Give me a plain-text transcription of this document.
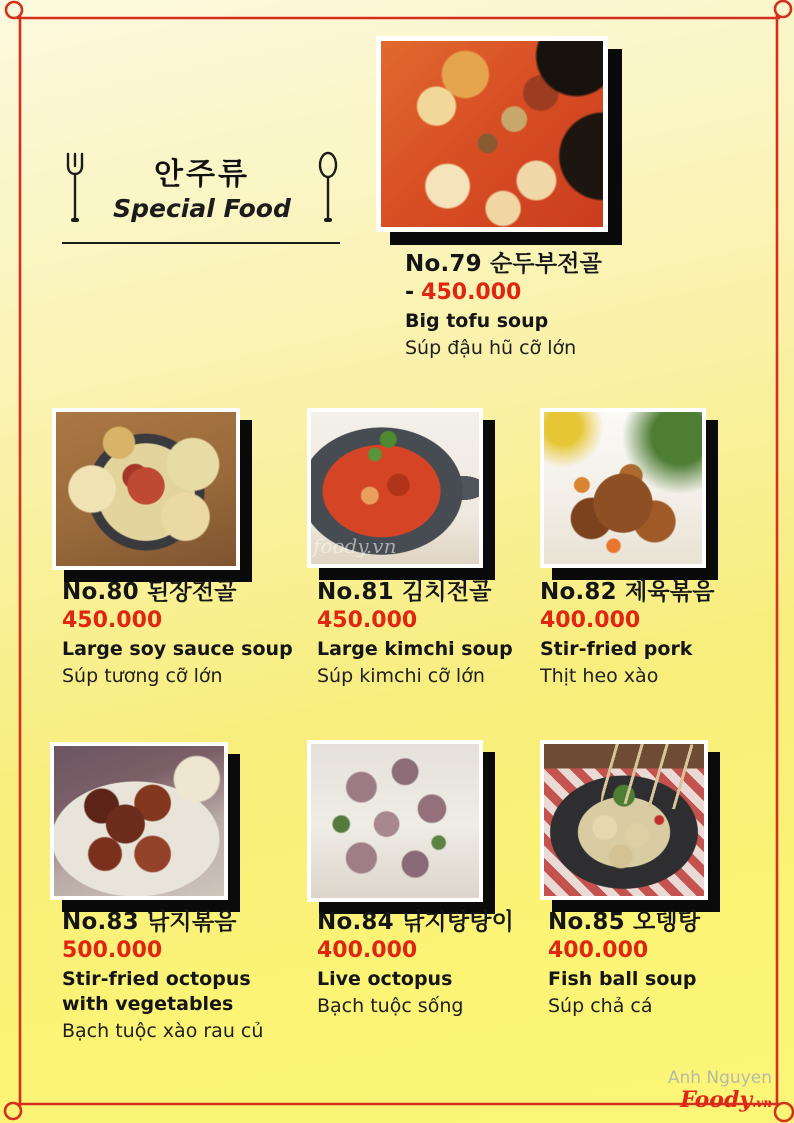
안주류
Special Food
No.79 순두부전골
- 450.000
Big tofu soup
Súp đậu hũ cỡ lớn
foody.vn
No.80 된장전골
450.000
Large soy sauce soup
Súp tương cỡ lớn
No.81 김치전골
450.000
Large kimchi soup
Súp kimchi cỡ lớn
No.82 제육볶음
400.000
Stir-fried pork
Thịt heo xào
No.83 낚지볶음
500.000
Stir-fried octopus with vegetables
Bạch tuộc xào rau củ
No.84 낚지탕탕이
400.000
Live octopus
Bạch tuộc sống
No.85 오뎅탕
400.000
Fish ball soup
Súp chả cá
Anh Nguyen
Foody.vn
